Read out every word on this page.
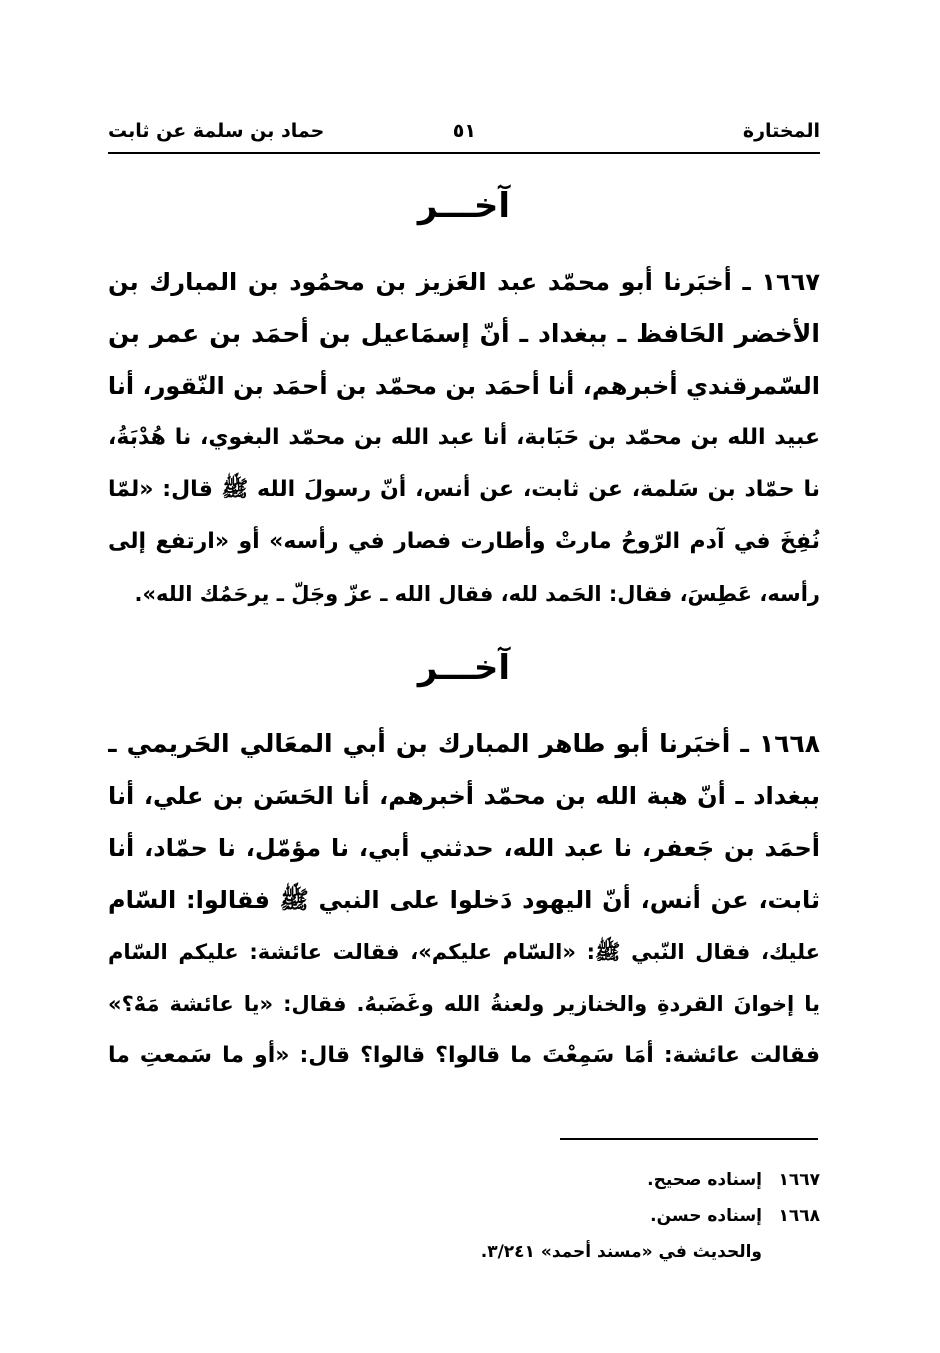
المختارة
٥١
حماد بن سلمة عن ثابت
آخـــر
١٦٦٧ ـ أخبَرنا أبو محمّد عبد العَزيز بن محمُود بن المبارك بن
الأخضر الحَافظ ـ ببغداد ـ أنّ إسمَاعيل بن أحمَد بن عمر بن
السّمرقندي أخبرهم، أنا أحمَد بن محمّد بن أحمَد بن النّقور، أنا
عبيد الله بن محمّد بن حَبَابة، أنا عبد الله بن محمّد البغوي، نا هُدْبَةُ،
نا حمّاد بن سَلمة، عن ثابت، عن أنس، أنّ رسولَ الله ﷺ قال: «لمّا
نُفِخَ في آدم الرّوحُ مارتْ وأطارت فصار في رأسه» أو «ارتفع إلى
رأسه، عَطِسَ، فقال: الحَمد لله، فقال الله ـ عزّ وجَلّ ـ يرحَمُك الله».
آخـــر
١٦٦٨ ـ أخبَرنا أبو طاهر المبارك بن أبي المعَالي الحَريمي ـ
ببغداد ـ أنّ هبة الله بن محمّد أخبرهم، أنا الحَسَن بن علي، أنا
أحمَد بن جَعفر، نا عبد الله، حدثني أبي، نا مؤمّل، نا حمّاد، أنا
ثابت، عن أنس، أنّ اليهود دَخلوا على النبي ﷺ فقالوا: السّام
عليك، فقال النّبي ﷺ: «السّام عليكم»، فقالت عائشة: عليكم السّام
يا إخوانَ القردةِ والخنازير ولعنةُ الله وغَضَبهُ. فقال: «يا عائشة مَهْ؟»
فقالت عائشة: أمَا سَمِعْتَ ما قالوا؟ قالوا؟ قال: «أو ما سَمعتِ ما
١٦٦٧إسناده صحيح.
١٦٦٨إسناده حسن.
والحديث في «مسند أحمد» ٣/٢٤١.
